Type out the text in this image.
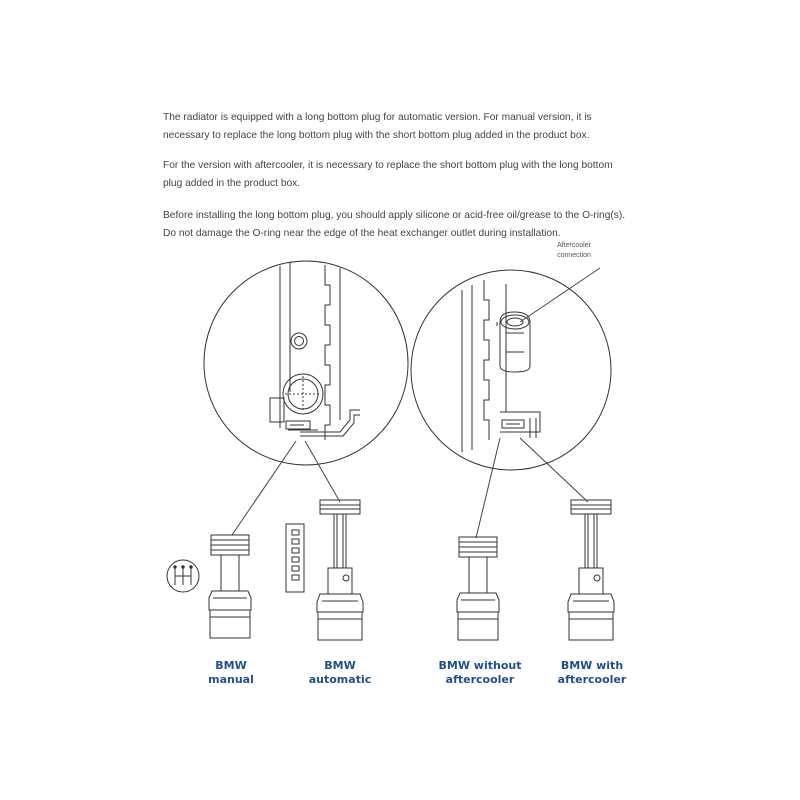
The radiator is equipped with a long bottom plug for automatic version. For manual version, it is necessary to replace the long bottom plug with the short bottom plug added in the product box.

For the version with aftercooler, it is necessary to replace the short bottom plug with the long bottom plug added in the product box.

Before installing the long bottom plug, you should apply silicone or acid-free oil/grease to the O-ring(s). Do not damage the O-ring near the edge of the heat exchanger outlet during installation.

Aftercooler
connection
BMW
manual
BMW
automatic
BMW without
aftercooler
BMW with
aftercooler
